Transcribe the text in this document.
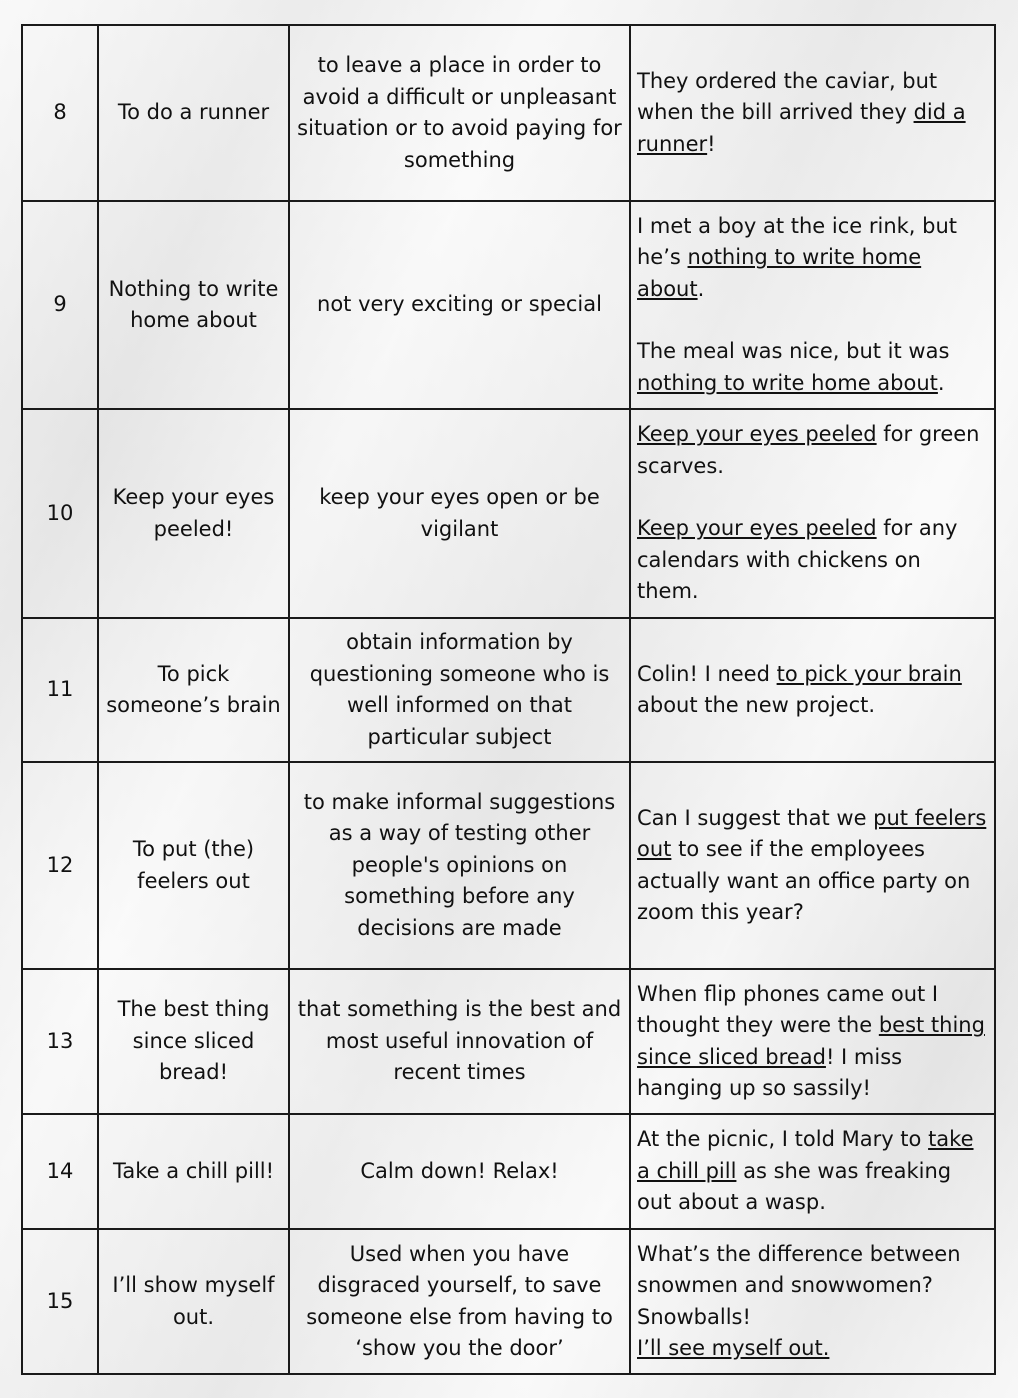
8	To do a runner	to leave a place in order to avoid a difficult or unpleasant situation or to avoid paying for something	They ordered the caviar, but when the bill arrived they did a runner!
9	Nothing to write home about	not very exciting or special	I met a boy at the ice rink, but he’s nothing to write home about.
The meal was nice, but it was nothing to write home about.

10	Keep your eyes peeled!	keep your eyes open or be vigilant	Keep your eyes peeled for green scarves.
Keep your eyes peeled for any calendars with chickens on them.

11	To pick someone’s brain	obtain information by questioning someone who is well informed on that particular subject	Colin! I need to pick your brain about the new project.
12	To put (the) feelers out	to make informal suggestions as a way of testing other people's opinions on something before any decisions are made	Can I suggest that we put feelers out to see if the employees actually want an office party on zoom this year?
13	The best thing since sliced bread!	that something is the best and most useful innovation of recent times	When flip phones came out I thought they were the best thing since sliced bread! I miss hanging up so sassily!
14	Take a chill pill!	Calm down! Relax!	At the picnic, I told Mary to take a chill pill as she was freaking out about a wasp.
15	I’ll show myself out.	Used when you have disgraced yourself, to save someone else from having to ‘show you the door’	What’s the difference between snowmen and snowwomen?
Snowballs!
I’ll see myself out.
